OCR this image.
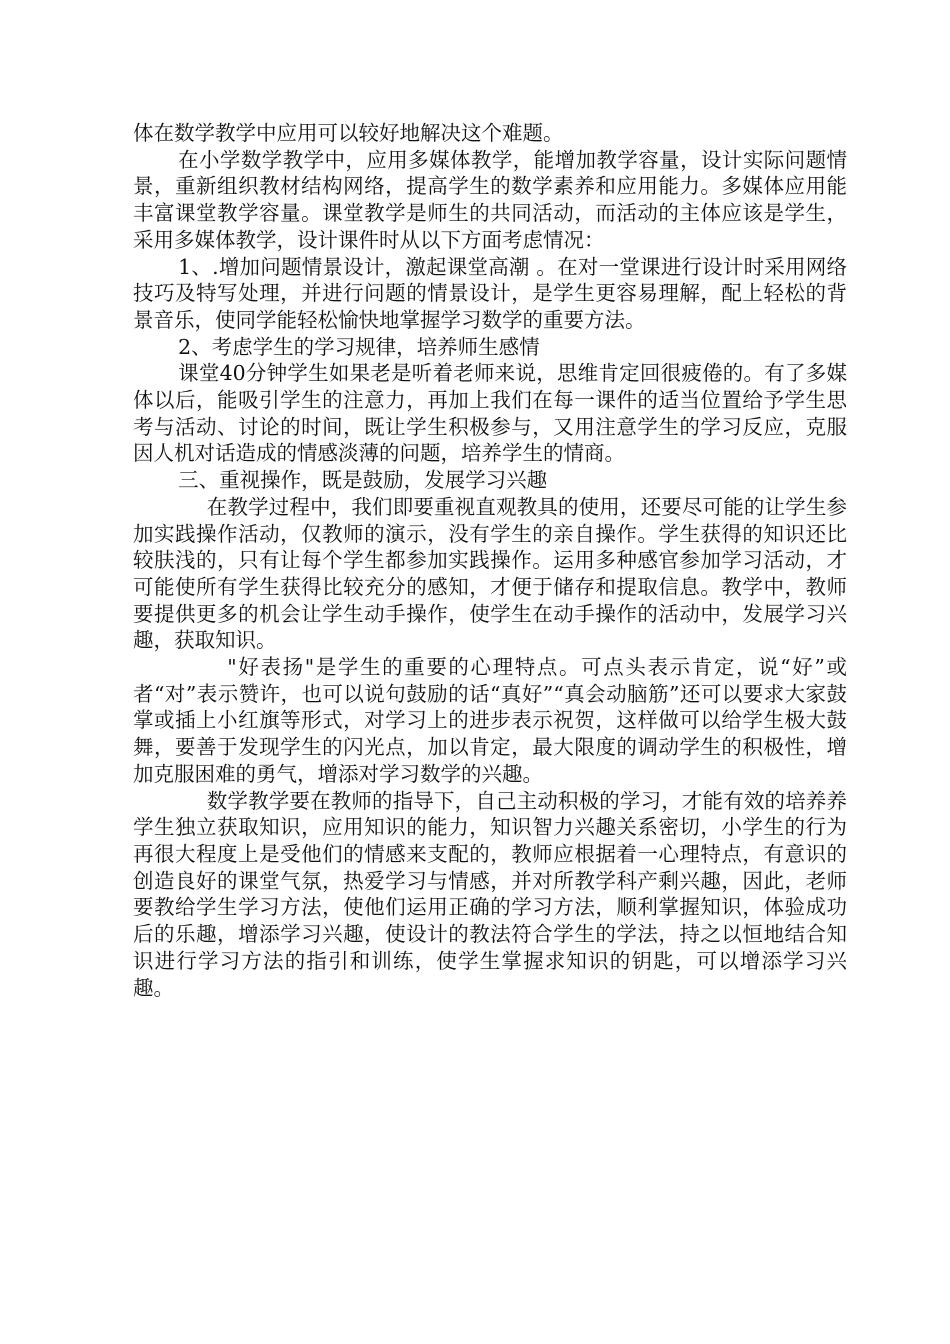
体在数学教学中应用可以较好地解决这个难题。

在小学数学教学中，应用多媒体教学，能增加教学容量，设计实际问题情景，重新组织教材结构网络，提高学生的数学素养和应用能力。多媒体应用能丰富课堂教学容量。课堂教学是师生的共同活动，而活动的主体应该是学生，采用多媒体教学，设计课件时从以下方面考虑情况：

1、.增加问题情景设计，激起课堂高潮 。在对一堂课进行设计时采用网络技巧及特写处理，并进行问题的情景设计，是学生更容易理解，配上轻松的背景音乐，使同学能轻松愉快地掌握学习数学的重要方法。

2、考虑学生的学习规律，培养师生感情

课堂40分钟学生如果老是听着老师来说，思维肯定回很疲倦的。有了多媒体以后，能吸引学生的注意力，再加上我们在每一课件的适当位置给予学生思考与活动、讨论的时间，既让学生积极参与，又用注意学生的学习反应，克服因人机对话造成的情感淡薄的问题，培养学生的情商。

三、重视操作，既是鼓励，发展学习兴趣

在教学过程中，我们即要重视直观教具的使用，还要尽可能的让学生参加实践操作活动，仅教师的演示，没有学生的亲自操作。学生获得的知识还比较肤浅的，只有让每个学生都参加实践操作。运用多种感官参加学习活动，才可能使所有学生获得比较充分的感知，才便于储存和提取信息。教学中，教师要提供更多的机会让学生动手操作，使学生在动手操作的活动中，发展学习兴趣，获取知识。

"好表扬"是学生的重要的心理特点。可点头表示肯定，说“好”或者“对”表示赞许，也可以说句鼓励的话“真好”“真会动脑筋”还可以要求大家鼓掌或插上小红旗等形式，对学习上的进步表示祝贺，这样做可以给学生极大鼓舞，要善于发现学生的闪光点，加以肯定，最大限度的调动学生的积极性，增加克服困难的勇气，增添对学习数学的兴趣。

数学教学要在教师的指导下，自己主动积极的学习，才能有效的培养养学生独立获取知识，应用知识的能力，知识智力兴趣关系密切，小学生的行为再很大程度上是受他们的情感来支配的，教师应根据着一心理特点，有意识的创造良好的课堂气氛，热爱学习与情感，并对所教学科产剩兴趣，因此，老师要教给学生学习方法，使他们运用正确的学习方法，顺利掌握知识，体验成功后的乐趣，增添学习兴趣，使设计的教法符合学生的学法，持之以恒地结合知识进行学习方法的指引和训练，使学生掌握求知识的钥匙，可以增添学习兴趣。
